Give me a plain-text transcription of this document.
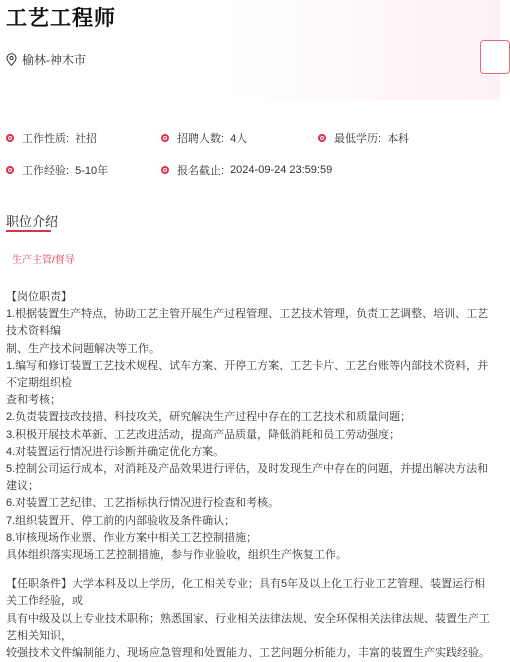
工艺工程师
榆林-神木市
工作性质: 社招	招聘人数: 4人	最低学历: 本科
工作经验: 5-10年	报名截止: 2024-09-24 23:59:59
职位介绍
生产主管/督导

【岗位职责】

1.根据装置生产特点，协助工艺主管开展生产过程管理、工艺技术管理，负责工艺调整、培训、工艺技术资料编

制、生产技术问题解决等工作。

1.编写和修订装置工艺技术规程、试车方案、开停工方案、工艺卡片、工艺台账等内部技术资料，并不定期组织检

查和考核；

2.负责装置技改技措、科技攻关，研究解决生产过程中存在的工艺技术和质量问题；

3.积极开展技术革新、工艺改进活动，提高产品质量，降低消耗和员工劳动强度；

4.对装置运行情况进行诊断并确定优化方案。

5.控制公司运行成本，对消耗及产品效果进行评估，及时发现生产中存在的问题，并提出解决方法和建议；

6.对装置工艺纪律、工艺指标执行情况进行检查和考核。

7.组织装置开、停工前的内部验收及条件确认；

8.审核现场作业票、作业方案中相关工艺控制措施；

具体组织落实现场工艺控制措施，参与作业验收，组织生产恢复工作。

【任职条件】大学本科及以上学历，化工相关专业；具有5年及以上化工行业工艺管理、装置运行相关工作经验，或

具有中级及以上专业技术职称；熟悉国家、行业相关法律法规、安全环保相关法律法规、装置生产工艺相关知识，

较强技术文件编制能力、现场应急管理和处置能力、工艺问题分析能力，丰富的装置生产实践经验。
